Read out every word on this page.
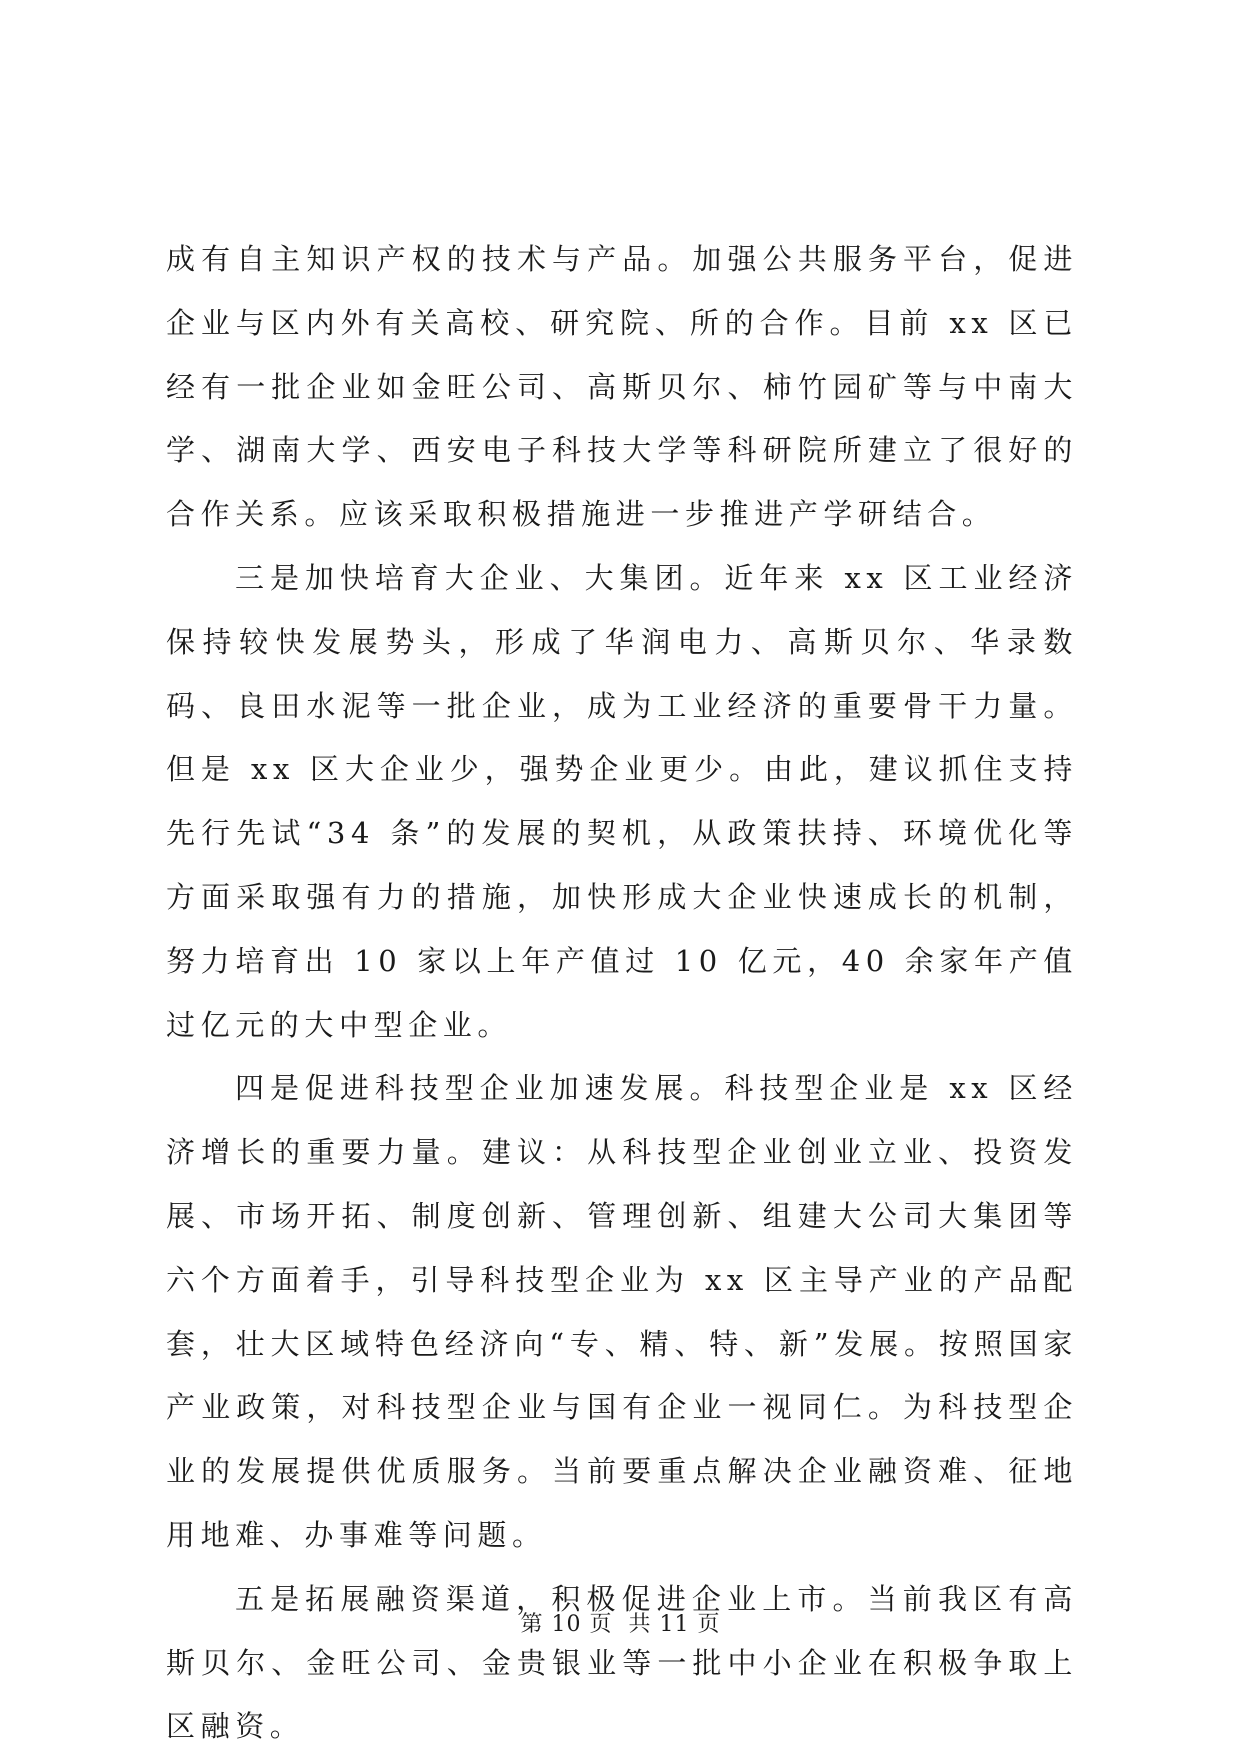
成有自主知识产权的技术与产品。加强公共服务平台，促进企业与区内外有关高校、研究院、所的合作。目前 xx 区已经有一批企业如金旺公司、高斯贝尔、柿竹园矿等与中南大学、湖南大学、西安电子科技大学等科研院所建立了很好的合作关系。应该采取积极措施进一步推进产学研结合。

三是加快培育大企业、大集团。近年来 xx 区工业经济保持较快发展势头，形成了华润电力、高斯贝尔、华录数码、良田水泥等一批企业，成为工业经济的重要骨干力量。但是 xx 区大企业少，强势企业更少。由此，建议抓住支持先行先试“34 条”的发展的契机，从政策扶持、环境优化等方面采取强有力的措施，加快形成大企业快速成长的机制，努力培育出 10 家以上年产值过 10 亿元，40 余家年产值过亿元的大中型企业。

四是促进科技型企业加速发展。科技型企业是 xx 区经济增长的重要力量。建议：从科技型企业创业立业、投资发展、市场开拓、制度创新、管理创新、组建大公司大集团等六个方面着手，引导科技型企业为 xx 区主导产业的产品配套，壮大区域特色经济向“专、精、特、新”发展。按照国家产业政策，对科技型企业与国有企业一视同仁。为科技型企业的发展提供优质服务。当前要重点解决企业融资难、征地用地难、办事难等问题。

五是拓展融资渠道，积极促进企业上市。当前我区有高斯贝尔、金旺公司、金贵银业等一批中小企业在积极争取上区融资。

第 10 页  共 11 页
